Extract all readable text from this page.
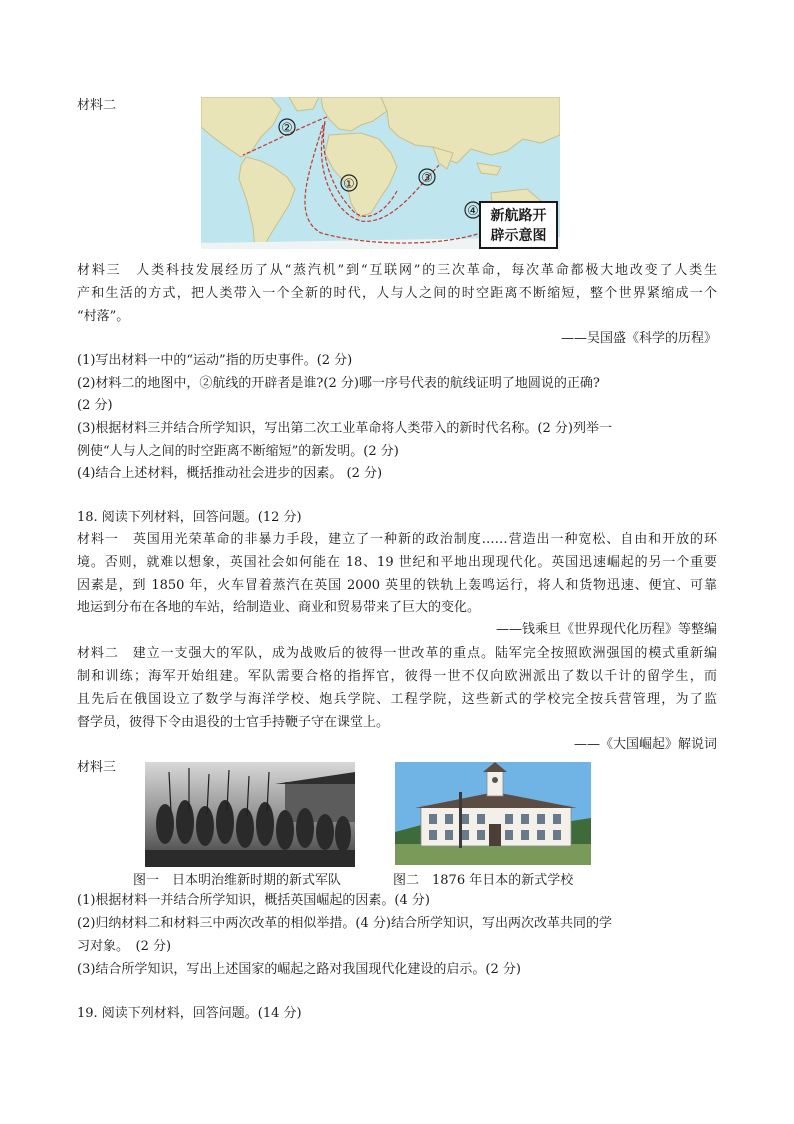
材料二
②
①	③
④ 新航路开
辟示意图
材料三　人类科技发展经历了从“蒸汽机”到“互联网”的三次革命，每次革命都极大地改变了人类生
产和生活的方式，把人类带入一个全新的时代，人与人之间的时空距离不断缩短，整个世界紧缩成一个
“村落”。
——吴国盛《科学的历程》
(1)写出材料一中的“运动”指的历史事件。(2 分)
(2)材料二的地图中，②航线的开辟者是谁?(2 分)哪一序号代表的航线证明了地圆说的正确?
(2 分)
(3)根据材料三并结合所学知识，写出第二次工业革命将人类带入的新时代名称。(2 分)列举一
例使“人与人之间的时空距离不断缩短”的新发明。(2 分)
(4)结合上述材料，概括推动社会进步的因素。 (2 分)
18. 阅读下列材料，回答问题。(12 分)
材料一　英国用光荣革命的非暴力手段，建立了一种新的政治制度……营造出一种宽松、自由和开放的环
境。否则，就难以想象，英国社会如何能在 18、19 世纪和平地出现现代化。英国迅速崛起的另一个重要
因素是，到 1850 年，火车冒着蒸汽在英国 2000 英里的铁轨上轰鸣运行，将人和货物迅速、便宜、可靠
地运到分布在各地的车站，给制造业、商业和贸易带来了巨大的变化。
——钱乘旦《世界现代化历程》等整编
材料二　建立一支强大的军队，成为战败后的彼得一世改革的重点。陆军完全按照欧洲强国的模式重新编
制和训练；海军开始组建。军队需要合格的指挥官，彼得一世不仅向欧洲派出了数以千计的留学生，而
且先后在俄国设立了数学与海洋学校、炮兵学院、工程学院，这些新式的学校完全按兵营管理，为了监
督学员，彼得下令由退役的士官手持鞭子守在课堂上。
——《大国崛起》解说词
材料三
图一　日本明治维新时期的新式军队	图二　1876 年日本的新式学校
(1)根据材料一并结合所学知识，概括英国崛起的因素。(4 分)
(2)归纳材料二和材料三中两次改革的相似举措。(4 分)结合所学知识，写出两次改革共同的学
习对象。　(2 分)
(3)结合所学知识，写出上述国家的崛起之路对我国现代化建设的启示。(2 分)
19. 阅读下列材料，回答问题。(14 分)
